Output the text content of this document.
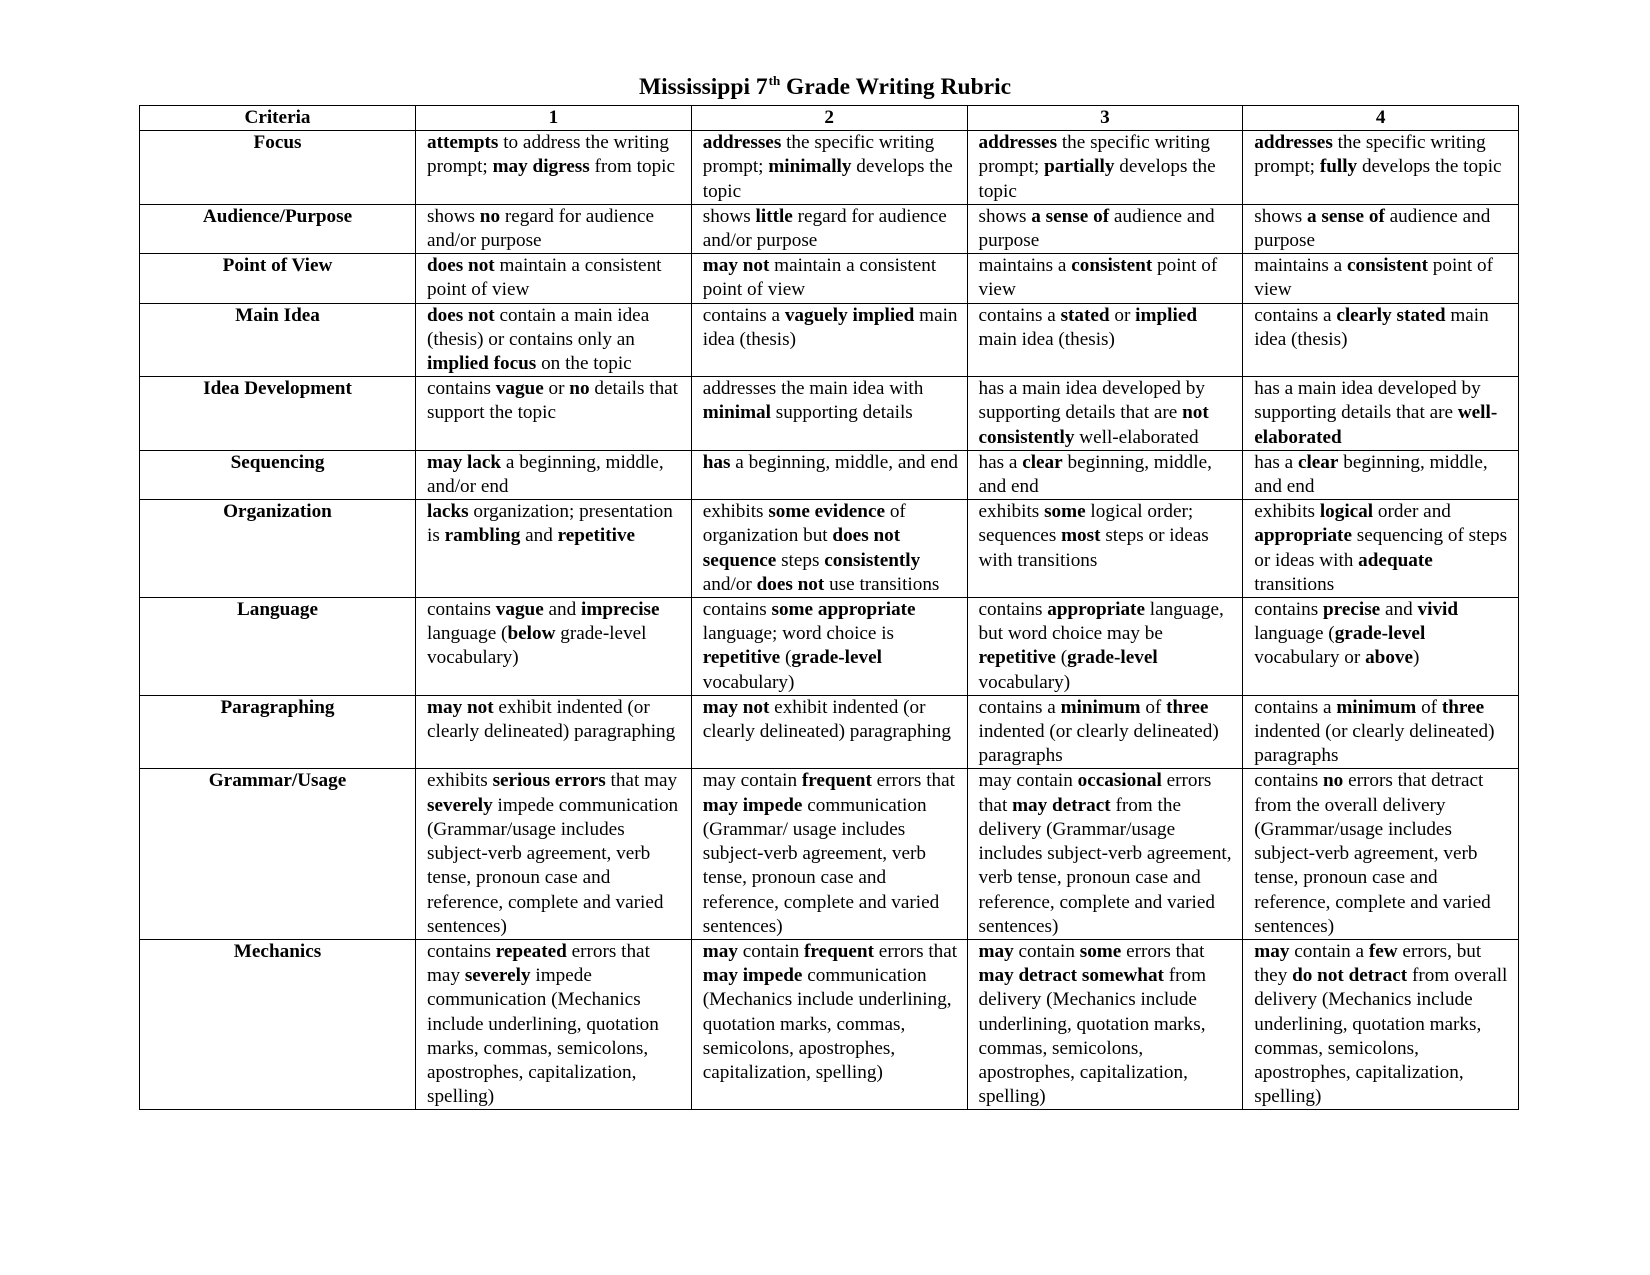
Mississippi 7th Grade Writing Rubric
Criteria	1	2	3	4
Focus	attempts to address the writing prompt; may digress from topic	addresses the specific writing prompt; minimally develops the topic	addresses the specific writing prompt; partially develops the topic	addresses the specific writing prompt; fully develops the topic
Audience/Purpose	shows no regard for audience and/or purpose	shows little regard for audience and/or purpose	shows a sense of audience and purpose	shows a sense of audience and purpose
Point of View	does not maintain a consistent point of view	may not maintain a consistent point of view	maintains a consistent point of view	maintains a consistent point of view
Main Idea	does not contain a main idea (thesis) or contains only an implied focus on the topic	contains a vaguely implied main idea (thesis)	contains a stated or implied main idea (thesis)	contains a clearly stated main idea (thesis)
Idea Development	contains vague or no details that support the topic	addresses the main idea with minimal supporting details	has a main idea developed by supporting details that are not consistently well-elaborated	has a main idea developed by supporting details that are well-elaborated
Sequencing	may lack a beginning, middle, and/or end	has a beginning, middle, and end	has a clear beginning, middle, and end	has a clear beginning, middle, and end
Organization	lacks organization; presentation is rambling and repetitive	exhibits some evidence of organization but does not sequence steps consistently and/or does not use transitions	exhibits some logical order; sequences most steps or ideas with transitions	exhibits logical order and appropriate sequencing of steps or ideas with adequate transitions
Language	contains vague and imprecise language (below grade-level vocabulary)	contains some appropriate language; word choice is repetitive (grade-level vocabulary)	contains appropriate language, but word choice may be repetitive (grade-level vocabulary)	contains precise and vivid language (grade-level vocabulary or above)
Paragraphing	may not exhibit indented (or clearly delineated) paragraphing	may not exhibit indented (or clearly delineated) paragraphing	contains a minimum of three indented (or clearly delineated) paragraphs	contains a minimum of three indented (or clearly delineated) paragraphs
Grammar/Usage	exhibits serious errors that may severely impede communication (Grammar/usage includes subject-verb agreement, verb tense, pronoun case and reference, complete and varied sentences)	may contain frequent errors that may impede communication (Grammar/ usage includes subject-verb agreement, verb tense, pronoun case and reference, complete and varied sentences)	may contain occasional errors that may detract from the delivery (Grammar/usage includes subject-verb agreement, verb tense, pronoun case and reference, complete and varied sentences)	contains no errors that detract from the overall delivery (Grammar/usage includes subject-verb agreement, verb tense, pronoun case and reference, complete and varied sentences)
Mechanics	contains repeated errors that may severely impede communication (Mechanics include underlining, quotation marks, commas, semicolons, apostrophes, capitalization, spelling)	may contain frequent errors that may impede communication (Mechanics include underlining, quotation marks, commas, semicolons, apostrophes, capitalization, spelling)	may contain some errors that may detract somewhat from delivery (Mechanics include underlining, quotation marks, commas, semicolons, apostrophes, capitalization, spelling)	may contain a few errors, but they do not detract from overall delivery (Mechanics include underlining, quotation marks, commas, semicolons, apostrophes, capitalization, spelling)
